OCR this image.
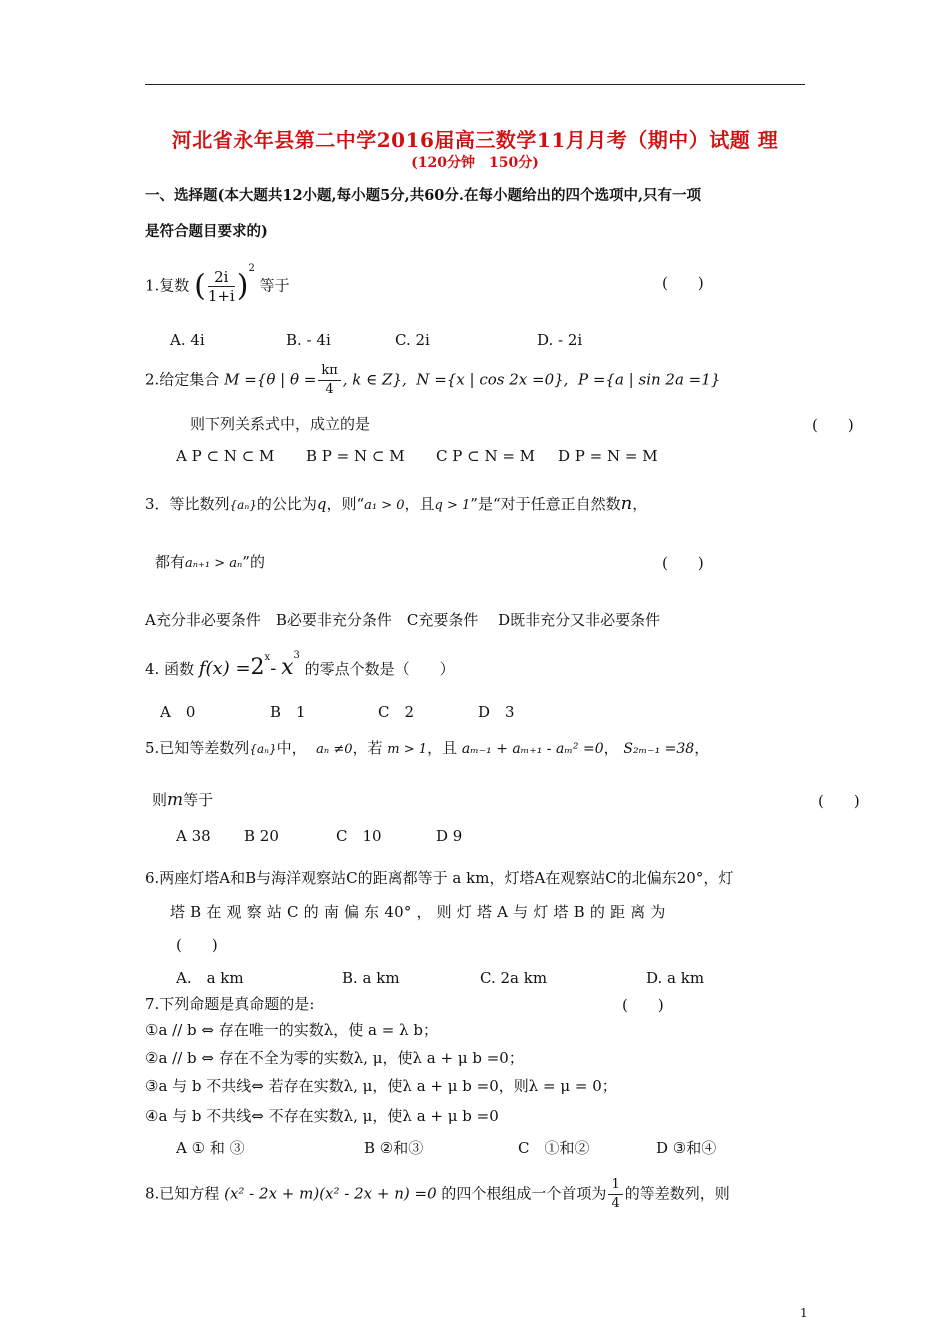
河北省永年县第二中学2016届高三数学11月月考（期中）试题 理
(120分钟　150分)
一、选择题(本大题共12小题,每小题5分,共60分.在每小题给出的四个选项中,只有一项
是符合题目要求的)
1.复数 ( $\frac{2i}{1+i} )^2$ 等于	(　　)
A. 4i	B. - 4i	C. 2i	D. - 2i
2.给定集合 M ={θ | $\theta = \frac{k\pi}{4}$ , k ∈ Z}, N ={x | cos 2x =0}, P ={a | sin 2a =1}
则下列关系式中，成立的是	(　　)
A P ⊂ N ⊂ M B P = N ⊂ M C P ⊂ N = M D P = N = M
3．等比数列{aₙ}的公比为q，则“a₁ > 0，且q > 1”是“对于任意正自然数n，
都有aₙ₊₁ > aₙ”的	(　　)
A充分非必要条件　B必要非充分条件　C充要条件　 D既非充分又非必要条件
4. 函数 $f(x) =2^x-$ $x^3$ 的零点个数是（　　）
A　0	B　1	C　2	D　3
5.已知等差数列{aₙ}中， aₙ ≠0，若 m > 1，且 aₘ₋₁ + aₘ₊₁ - aₘ² =0， S₂ₘ₋₁ =38，
则m等于	(　　)
A 38 B 20	C　10	D 9
6.两座灯塔A和B与海洋观察站C的距离都等于 a km，灯塔A在观察站C的北偏东20°，灯
塔 B 在 观 察 站 C 的 南 偏 东 40° ， 则 灯 塔 A 与 灯 塔 B 的 距 离 为
(　　)
A.　a km	B. a km	C. 2a km	D. a km
7.下列命题是真命题的是:	(　　)
①a // b ⇔ 存在唯一的实数λ，使 a = λ b；
②a // b ⇔ 存在不全为零的实数λ, μ，使λ a + μ b =0；
③a 与 b 不共线⇔ 若存在实数λ, μ，使λ a + μ b =0，则λ = μ = 0；
④a 与 b 不共线⇔ 不存在实数λ, μ，使λ a + μ b =0
A ① 和 ③	B ②和③	C　①和②	D ③和④
8.已知方程 (x² - 2x + m)(x² - 2x + n) =0 的四个根组成一个首项为 $\frac{1}{4}$ 的等差数列，则
1
